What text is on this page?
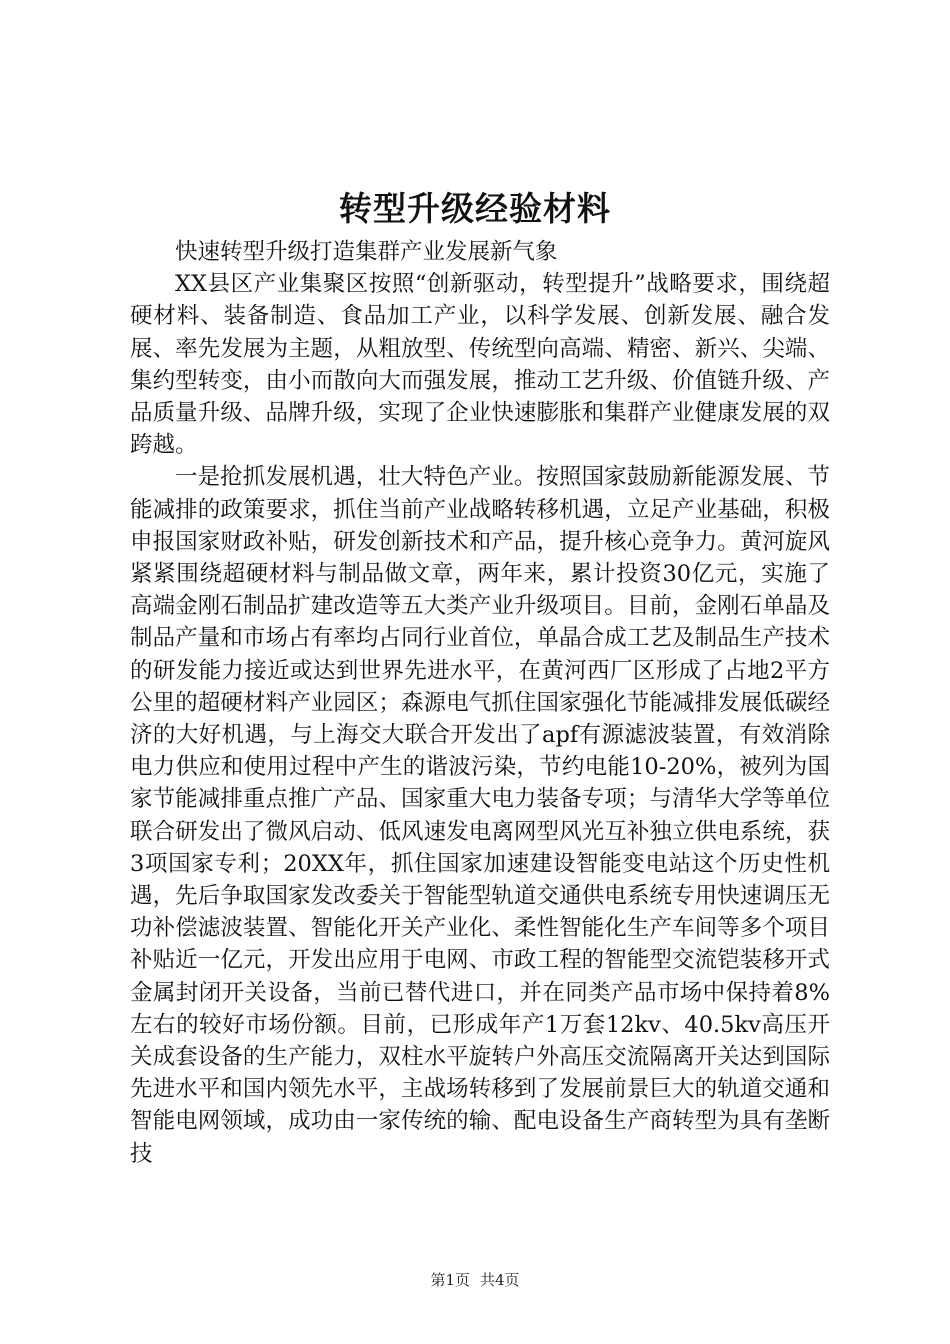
转型升级经验材料

快速转型升级打造集群产业发展新气象

XX县区产业集聚区按照“创新驱动，转型提升”战略要求，围绕超硬材料、装备制造、食品加工产业，以科学发展、创新发展、融合发展、率先发展为主题，从粗放型、传统型向高端、精密、新兴、尖端、集约型转变，由小而散向大而强发展，推动工艺升级、价值链升级、产品质量升级、品牌升级，实现了企业快速膨胀和集群产业健康发展的双跨越。

一是抢抓发展机遇，壮大特色产业。按照国家鼓励新能源发展、节能减排的政策要求，抓住当前产业战略转移机遇，立足产业基础，积极申报国家财政补贴，研发创新技术和产品，提升核心竞争力。黄河旋风紧紧围绕超硬材料与制品做文章，两年来，累计投资30亿元，实施了高端金刚石制品扩建改造等五大类产业升级项目。目前，金刚石单晶及制品产量和市场占有率均占同行业首位，单晶合成工艺及制品生产技术的研发能力接近或达到世界先进水平，在黄河西厂区形成了占地2平方公里的超硬材料产业园区；森源电气抓住国家强化节能减排发展低碳经济的大好机遇，与上海交大联合开发出了apf有源滤波装置，有效消除电力供应和使用过程中产生的谐波污染，节约电能10-20%，被列为国家节能减排重点推广产品、国家重大电力装备专项；与清华大学等单位联合研发出了微风启动、低风速发电离网型风光互补独立供电系统，获3项国家专利；20XX年，抓住国家加速建设智能变电站这个历史性机遇，先后争取国家发改委关于智能型轨道交通供电系统专用快速调压无功补偿滤波装置、智能化开关产业化、柔性智能化生产车间等多个项目补贴近一亿元，开发出应用于电网、市政工程的智能型交流铠装移开式金属封闭开关设备，当前已替代进口，并在同类产品市场中保持着8%左右的较好市场份额。目前，已形成年产1万套12kv、40.5kv高压开关成套设备的生产能力，双柱水平旋转户外高压交流隔离开关达到国际先进水平和国内领先水平，主战场转移到了发展前景巨大的轨道交通和智能电网领域，成功由一家传统的输、配电设备生产商转型为具有垄断技

第1页 共4页
